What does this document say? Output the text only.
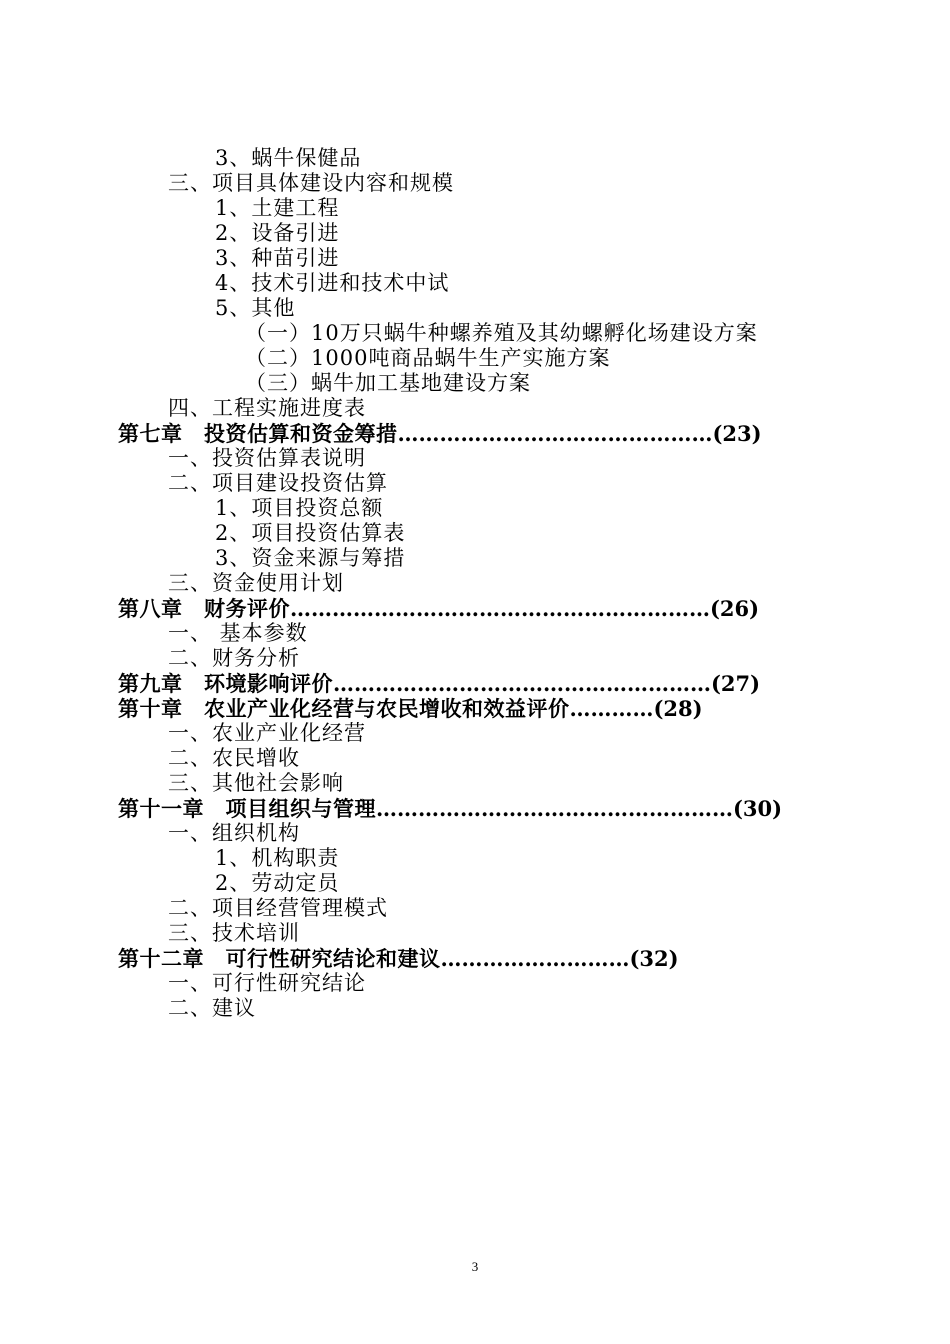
3、蜗牛保健品
三、项目具体建设内容和规模
1、土建工程
2、设备引进
3、种苗引进
4、技术引进和技术中试
5、其他
（一）10万只蜗牛种螺养殖及其幼螺孵化场建设方案
（二）1000吨商品蜗牛生产实施方案
（三）蜗牛加工基地建设方案
四、工程实施进度表
第七章　投资估算和资金筹措………………………………………(23)
一、投资估算表说明
二、项目建设投资估算
1、项目投资总额
2、项目投资估算表
3、资金来源与筹措
三、资金使用计划
第八章　财务评价……………………………………………………(26)
一、 基本参数
二、财务分析
第九章　环境影响评价………………………………………………(27)
第十章　农业产业化经营与农民增收和效益评价…………(28)
一、农业产业化经营
二、农民增收
三、其他社会影响
第十一章　项目组织与管理……………………………………………(30)
一、组织机构
1、机构职责
2、劳动定员
二、项目经营管理模式
三、技术培训
第十二章　可行性研究结论和建议………………………(32)
一、可行性研究结论
二、建议
3
